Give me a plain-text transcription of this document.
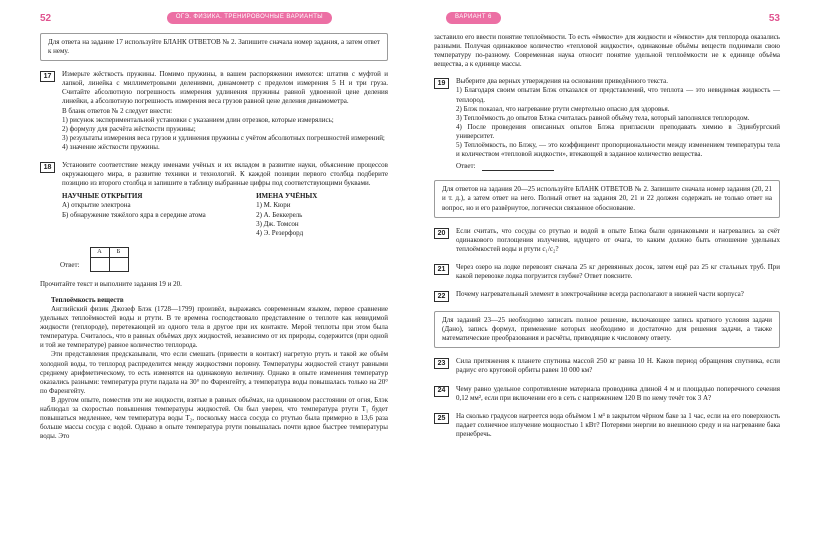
52	ОГЭ. ФИЗИКА. ТРЕНИРОВОЧНЫЕ ВАРИАНТЫ

Для ответа на задание 17 используйте БЛАНК ОТВЕТОВ № 2. Запишите сначала номер задания, а затем ответ к нему.

17	Измерьте жёсткость пружины. Помимо пружины, в вашем распоряжении имеются: штатив с муфтой и лапкой, линейка с миллиметровыми делениями, динамометр с пределом измерения 5 Н и три груза. Считайте абсолютную погрешность измерения удлинения пружины равной удвоенной цене деления линейки, а абсолютную погрешность измерения веса грузов равной цене деления динамометра.

В бланк ответов № 2 следует внести:

1) рисунок экспериментальной установки с указанием длин отрезков, которые измерялись;

2) формулу для расчёта жёсткости пружины;

3) результаты измерения веса грузов и удлинения пружины с учётом абсолютных погрешностей измерений;

4) значение жёсткости пружины.

18	Установите соответствие между именами учёных и их вкладом в развитие науки, объяснение процессов окружающего мира, в развитие техники и технологий. К каждой позиции первого столбца подберите позицию из второго столбца и запишите в таблицу выбранные цифры под соответствующими буквами.

НАУЧНЫЕ ОТКРЫТИЯ

А) открытие электрона

Б) обнаружение тяжёлого ядра в середине атома

ИМЕНА УЧЁНЫХ

1) М. Кюри

2) А. Беккерель

3) Дж. Томсон

4) Э. Резерфорд

Ответ:
А	Б

Прочитайте текст и выполните задания 19 и 20.

Теплоёмкость веществ

Английский физик Джозеф Блэк (1728—1799) произвёл, выражаясь современным языком, первое сравнение удельных теплоёмкостей воды и ртути. В те времена господствовало представление о теплоте как невидимой жидкости (теплороде), перетекающей из одного тела в другое при их контакте. Мерой теплоты при этом была температура. Считалось, что в равных объёмах двух жидкостей, независимо от их природы, содержится (при одной и той же температуре) равное количество теплорода.

Эти представления предсказывали, что если смешать (привести в контакт) нагретую ртуть и такой же объём холодной воды, то теплород распределится между жидкостями поровну. Температуры жидкостей станут равными среднему арифметическому, то есть изменятся на одинаковую величину. Однако в опыте изменения температур оказались разными: температура ртути падала на 30° по Фаренгейту, а температура воды повышалась только на 20° по Фаренгейту.

В другом опыте, поместив эти же жидкости, взятые в равных объёмах, на одинаковом расстоянии от огня, Блэк наблюдал за скоростью повышения температуры жидкостей. Он был уверен, что температура ртути T₁ будет повышаться медленнее, чем температура воды T₂, поскольку масса сосуда со ртутью была примерно в 13,6 раза больше массы сосуда с водой. Однако в опыте температура ртути повышалась почти вдвое быстрее температуры воды. Это

ВАРИАНТ 6	53

заставило его ввести понятие теплоёмкости. То есть «ёмкости» для жидкости и «ёмкости» для теплорода оказались разными. Получая одинаковое количество «тепловой жидкости», одинаковые объёмы веществ поднимали свою температуру по-разному. Современная наука относит понятие удельной теплоёмкости не к единице объёма вещества, а к единице массы.

19	Выберите два верных утверждения на основании приведённого текста.

1) Благодаря своим опытам Блэк отказался от представлений, что теплота — это невидимая жидкость — теплород.

2) Блэк показал, что нагревание ртути смертельно опасно для здоровья.

3) Теплоёмкость до опытов Блэка считалась равной объёму тела, который заполнялся теплородом.

4) После проведения описанных опытов Блэка пригласили преподавать химию в Эдинбургский университет.

5) Теплоёмкость, по Блэку, — это коэффициент пропорциональности между изменением температуры тела и количеством «тепловой жидкости», втекающей в заданное количество вещества.

Ответ:

Для ответов на задания 20—25 используйте БЛАНК ОТВЕТОВ № 2. Запишите сначала номер задания (20, 21 и т. д.), а затем ответ на него. Полный ответ на задания 20, 21 и 22 должен содержать не только ответ на вопрос, но и его развёрнутое, логически связанное обоснование.

20	Если считать, что сосуды со ртутью и водой в опыте Блэка были одинаковыми и нагревались за счёт одинакового поглощения излучения, идущего от очага, то каким должно быть отношение удельных теплоёмкостей воды и ртути c₁/c₂?

21	Через озеро на лодке перевозят сначала 25 кг деревянных досок, затем ещё раз 25 кг стальных труб. При какой перевозке лодка погрузится глубже? Ответ поясните.

22	Почему нагревательный элемент в электрочайнике всегда располагают в нижней части корпуса?

Для заданий 23—25 необходимо записать полное решение, включающее запись краткого условия задачи (Дано), запись формул, применение которых необходимо и достаточно для решения задачи, а также математические преобразования и расчёты, приводящие к числовому ответу.

23	Сила притяжения к планете спутника массой 250 кг равна 10 Н. Каков период обращения спутника, если радиус его круговой орбиты равен 10 000 км?

24	Чему равно удельное сопротивление материала проводника длиной 4 м и площадью поперечного сечения 0,12 мм², если при включении его в сеть с напряжением 120 В по нему течёт ток 3 А?

25	На сколько градусов нагреется вода объёмом 1 м³ в закрытом чёрном баке за 1 час, если на его поверхность падает солнечное излучение мощностью 1 кВт? Потерями энергии во внешнюю среду и на нагревание бака пренебречь.
